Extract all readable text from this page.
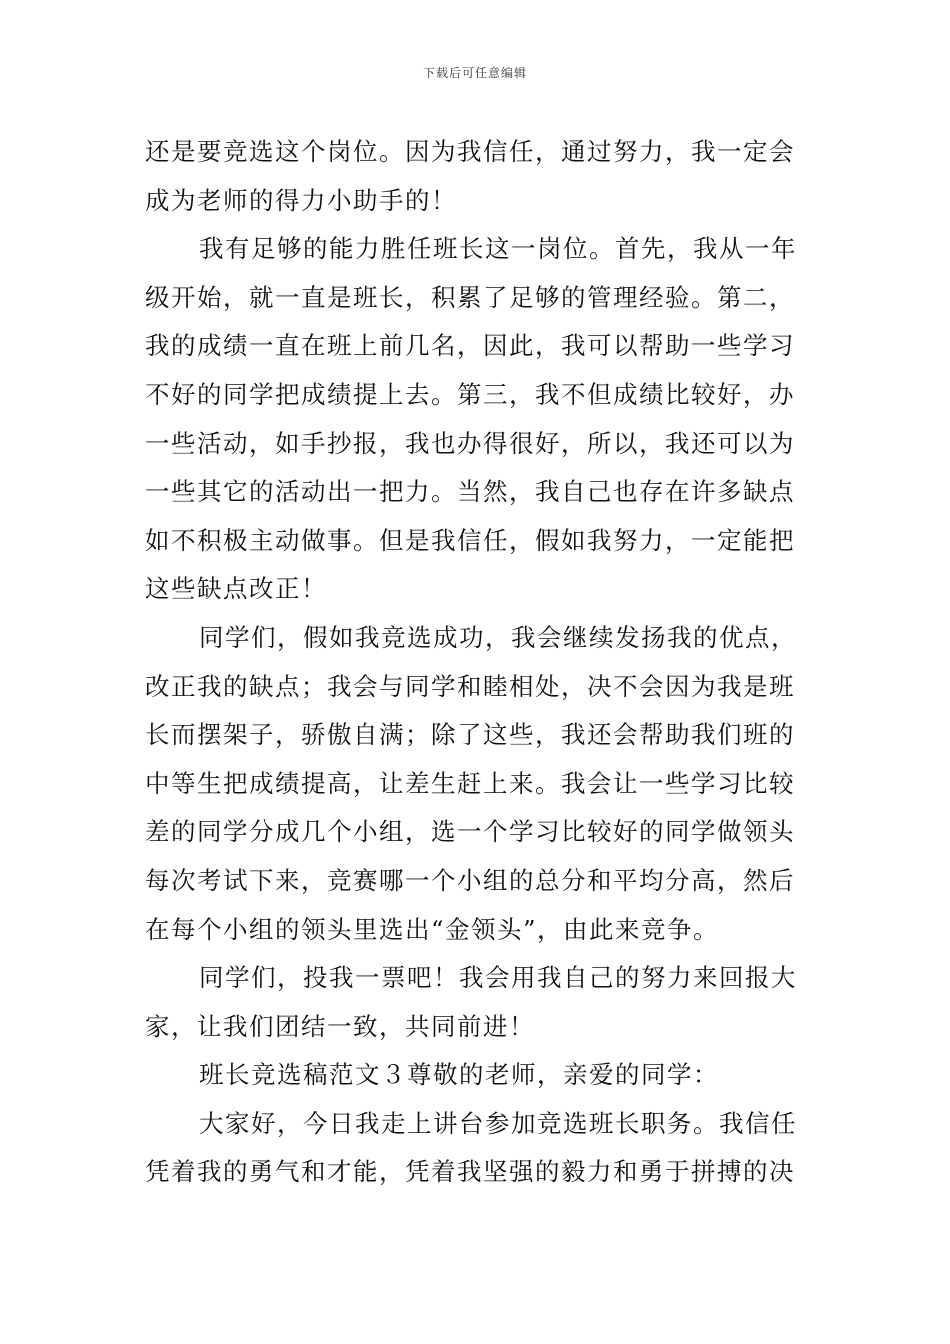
下载后可任意编辑
还是要竞选这个岗位。因为我信任，通过努力，我一定会
成为老师的得力小助手的！
我有足够的能力胜任班长这一岗位。首先，我从一年
级开始，就一直是班长，积累了足够的管理经验。第二，
我的成绩一直在班上前几名，因此，我可以帮助一些学习
不好的同学把成绩提上去。第三，我不但成绩比较好，办
一些活动，如手抄报，我也办得很好，所以，我还可以为
一些其它的活动出一把力。当然，我自己也存在许多缺点
如不积极主动做事。但是我信任，假如我努力，一定能把
这些缺点改正！
同学们，假如我竞选成功，我会继续发扬我的优点，
改正我的缺点；我会与同学和睦相处，决不会因为我是班
长而摆架子，骄傲自满；除了这些，我还会帮助我们班的
中等生把成绩提高，让差生赶上来。我会让一些学习比较
差的同学分成几个小组，选一个学习比较好的同学做领头
每次考试下来，竞赛哪一个小组的总分和平均分高，然后
在每个小组的领头里选出“金领头”，由此来竞争。
同学们，投我一票吧！我会用我自己的努力来回报大
家，让我们团结一致，共同前进！
班长竞选稿范文３尊敬的老师，亲爱的同学：
大家好，今日我走上讲台参加竞选班长职务。我信任
凭着我的勇气和才能，凭着我坚强的毅力和勇于拼搏的决
